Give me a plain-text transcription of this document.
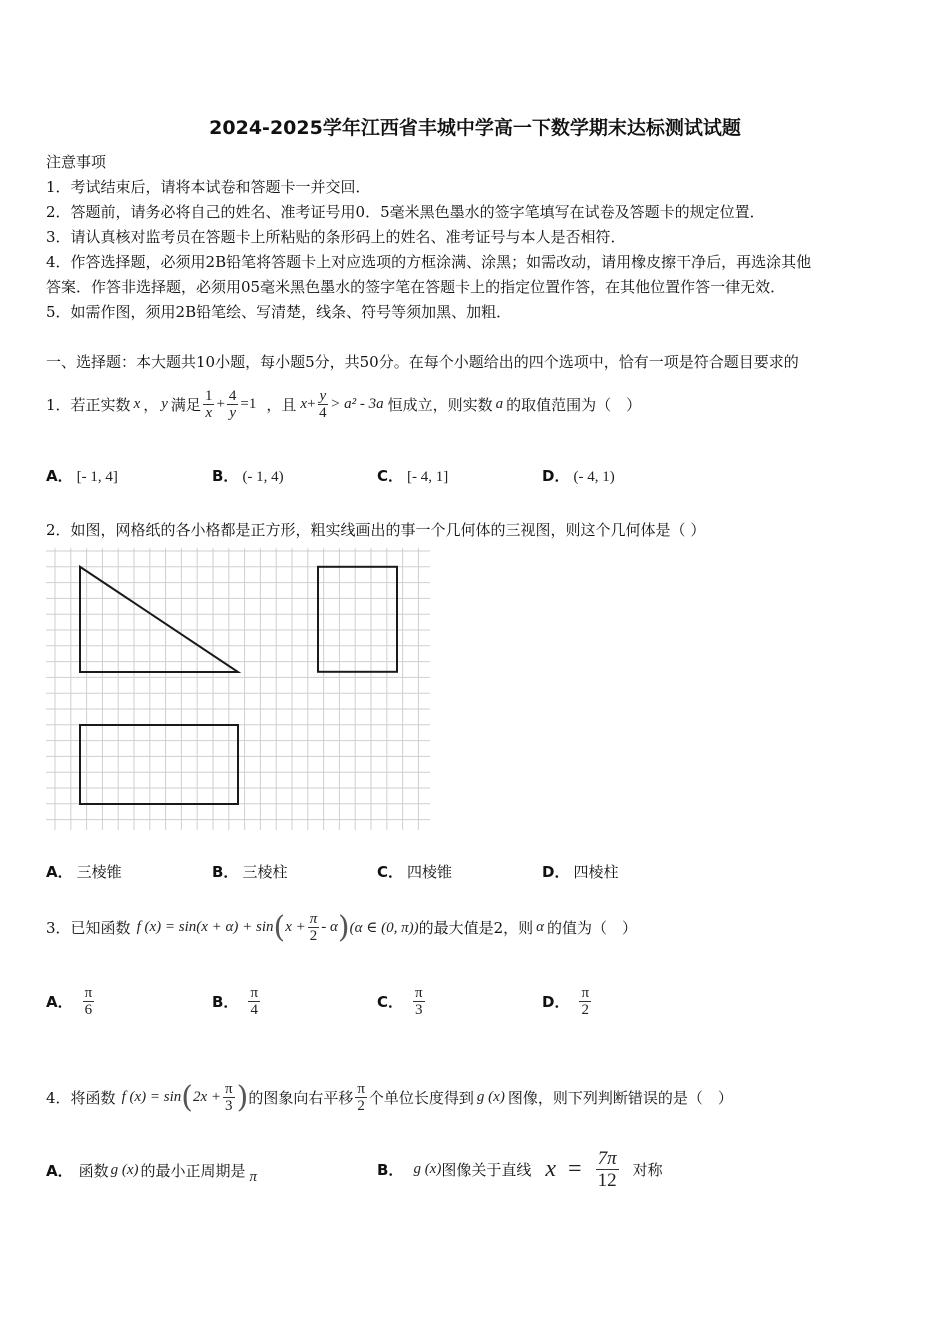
2024-2025学年江西省丰城中学高一下数学期末达标测试试题
注意事项
1．考试结束后，请将本试卷和答题卡一并交回．
2．答题前，请务必将自己的姓名、准考证号用0．5毫米黑色墨水的签字笔填写在试卷及答题卡的规定位置．
3．请认真核对监考员在答题卡上所粘贴的条形码上的姓名、准考证号与本人是否相符．
4．作答选择题，必须用2B铅笔将答题卡上对应选项的方框涂满、涂黑；如需改动，请用橡皮擦干净后，再选涂其他
答案．作答非选择题，必须用05毫米黑色墨水的签字笔在答题卡上的指定位置作答，在其他位置作答一律无效．
5．如需作图，须用2B铅笔绘、写清楚，线条、符号等须加黑、加粗．
一、选择题：本大题共10小题，每小题5分，共50分。在每个小题给出的四个选项中，恰有一项是符合题目要求的
1． 若正实数 x ， y 满足 $\frac{1}{x} + \frac{4}{y} =1$ ，且 $x + \frac{y}{4} > a^2 - 3a$ 恒成立，则实数 a 的取值范围为（　）
A． [- 1, 4]	B． (- 1, 4)	C． [- 4, 1]	D． (- 4, 1)
2．如图，网格纸的各小格都是正方形，粗实线画出的事一个几何体的三视图，则这个几何体是（ ）
A． 三棱锥	B． 三棱柱	C． 四棱锥	D． 四棱柱
3． 已知函数 f (x) = sin(x + α) + sin ( $x + \frac{\pi}{2} - \alpha$ ) (α ∈ (0, π)) 的最大值是2，则 α 的值为（　）
A． $\frac{\pi}{6}$	B． $\frac{\pi}{4}$	C． $\frac{\pi}{3}$	D． $\frac{\pi}{2}$
4． 将函数 f (x) = sin ( $2x + \frac{\pi}{3}$ ) 的图象向右平移 $\frac{\pi}{2}$ 个单位长度得到 g (x) 图像，则下列判断错误的是（　）
A． 函数 g (x) 的最小正周期是 π	B． g (x) 图像关于直线 $x = \frac{7\pi}{12}$ 对称
